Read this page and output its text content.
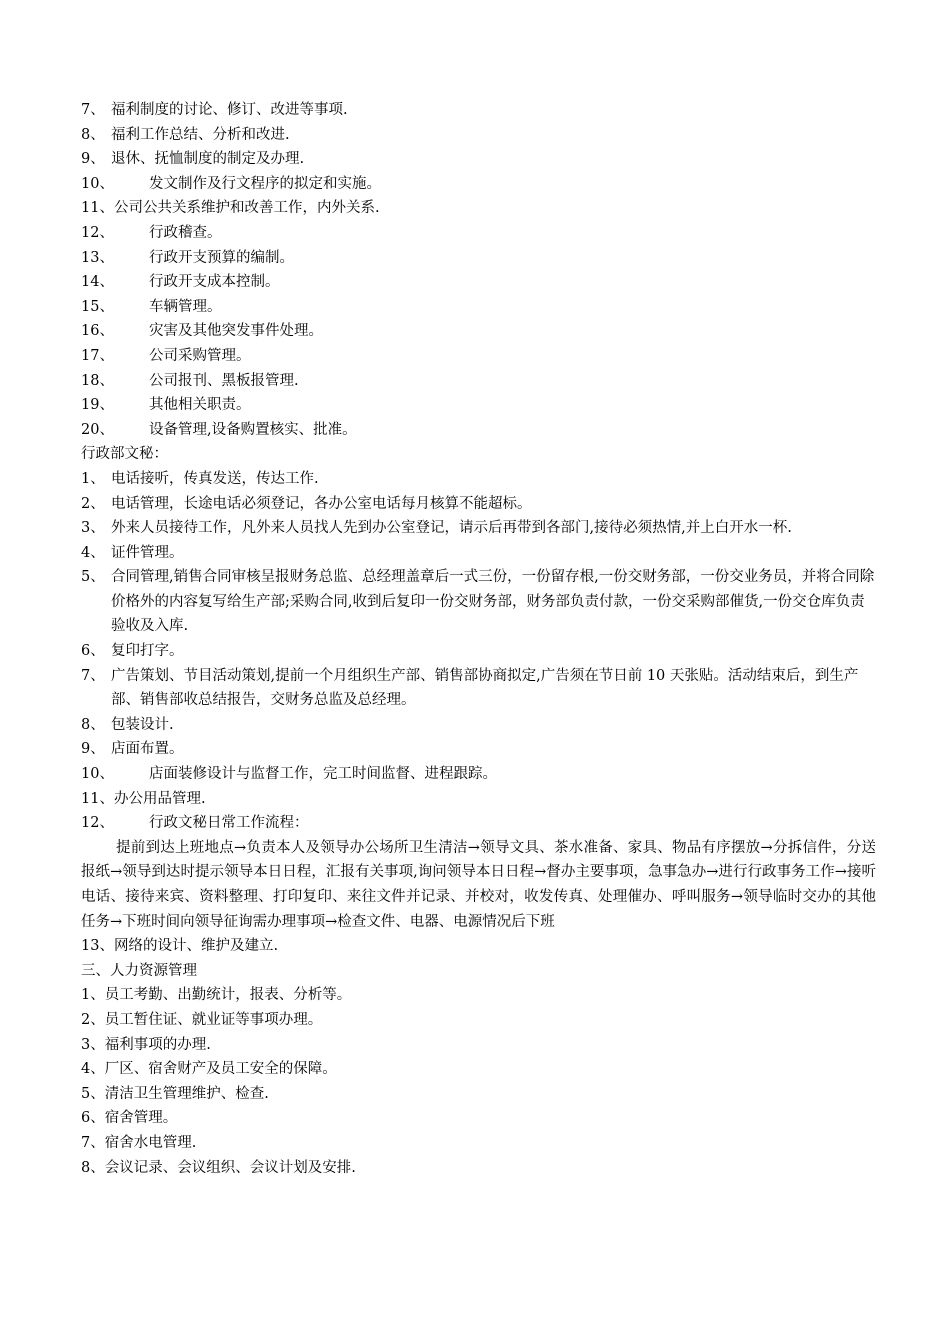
7、 福利制度的讨论、修订、改进等事项.
8、 福利工作总结、分析和改进.
9、 退休、抚恤制度的制定及办理.
10、	发文制作及行文程序的拟定和实施。
11、 公司公共关系维护和改善工作，内外关系.
12、	行政稽查。
13、	行政开支预算的编制。
14、	行政开支成本控制。
15、	车辆管理。
16、	灾害及其他突发事件处理。
17、	公司采购管理。
18、	公司报刊、黑板报管理.
19、	其他相关职责。
20、	设备管理,设备购置核实、批准。
行政部文秘：
1、 电话接听，传真发送，传达工作.
2、 电话管理，长途电话必须登记，各办公室电话每月核算不能超标。
3、 外来人员接待工作，凡外来人员找人先到办公室登记，请示后再带到各部门,接待必须热情,并上白开水一杯.
4、 证件管理。
5、 合同管理,销售合同审核呈报财务总监、总经理盖章后一式三份，一份留存根,一份交财务部，一份交业务员，并将合同除价格外的内容复写给生产部;采购合同,收到后复印一份交财务部，财务部负责付款，一份交采购部催货,一份交仓库负责验收及入库.
6、 复印打字。
7、 广告策划、节目活动策划,提前一个月组织生产部、销售部协商拟定,广告须在节日前 10 天张贴。活动结束后，到生产部、销售部收总结报告，交财务总监及总经理。
8、 包装设计.
9、 店面布置。
10、	店面装修设计与监督工作，完工时间监督、进程跟踪。
11、 办公用品管理.
12、	行政文秘日常工作流程：
提前到达上班地点→负责本人及领导办公场所卫生清洁→领导文具、茶水准备、家具、物品有序摆放→分拆信件，分送报纸→领导到达时提示领导本日日程，汇报有关事项,询问领导本日日程→督办主要事项，急事急办→进行行政事务工作→接听电话、接待来宾、资料整理、打印复印、来往文件并记录、并校对，收发传真、处理催办、呼叫服务→领导临时交办的其他任务→下班时间向领导征询需办理事项→检查文件、电器、电源情况后下班
13、 网络的设计、维护及建立.
三、人力资源管理
1、 员工考勤、出勤统计，报表、分析等。
2、 员工暂住证、就业证等事项办理。
3、 福利事项的办理.
4、 厂区、宿舍财产及员工安全的保障。
5、 清洁卫生管理维护、检查.
6、 宿舍管理。
7、 宿舍水电管理.
8、 会议记录、会议组织、会议计划及安排.
